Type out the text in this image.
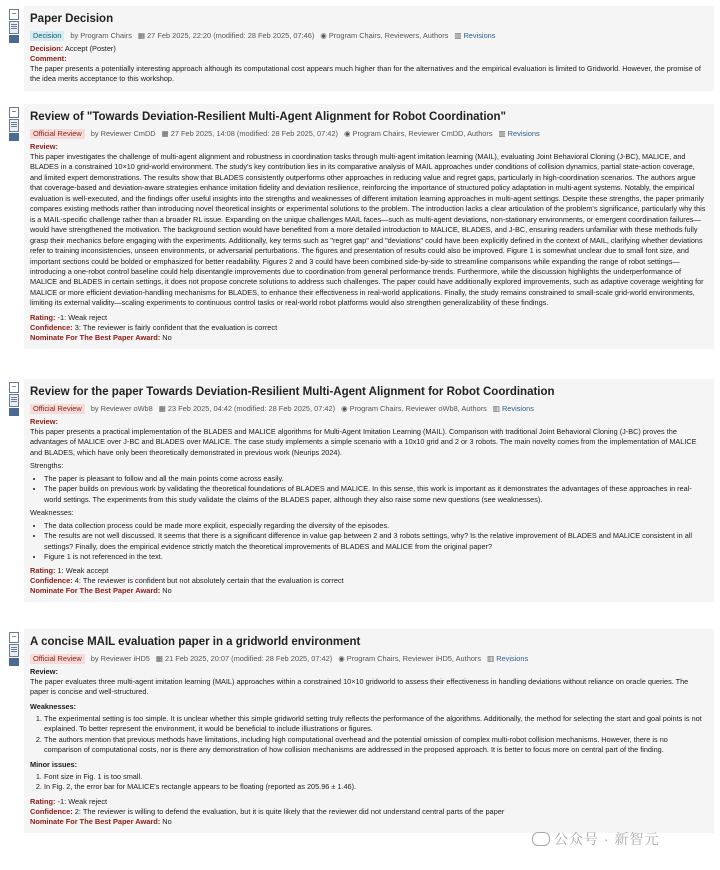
− Paper Decision
Decision	by Program Chairs ▦ 27 Feb 2025, 22:20 (modified: 28 Feb 2025, 07:46) ◉ Program Chairs, Reviewers, Authors ▥ Revisions
Decision: Accept (Poster)
Comment:

The paper presents a potentially interesting approach although its computational cost appears much higher than for the alternatives and the empirical evaluation is limited to Gridworld. However, the promise of the idea merits acceptance to this workshop.

− Review of "Towards Deviation-Resilient Multi-Agent Alignment for Robot Coordination"
Official Review	by Reviewer CmDD ▦ 27 Feb 2025, 14:08 (modified: 28 Feb 2025, 07:42) ◉ Program Chairs, Reviewer CmDD, Authors ▥ Revisions
Review:

This paper investigates the challenge of multi-agent alignment and robustness in coordination tasks through multi-agent imitation learning (MAIL), evaluating Joint Behavioral Cloning (J-BC), MALICE, and BLADES in a constrained 10×10 grid-world environment. The study's key contribution lies in its comparative analysis of MAIL approaches under conditions of collision dynamics, partial state-action coverage, and limited expert demonstrations. The results show that BLADES consistently outperforms other approaches in reducing value and regret gaps, particularly in high-coordination scenarios. The authors argue that coverage-based and deviation-aware strategies enhance imitation fidelity and deviation resilience, reinforcing the importance of structured policy adaptation in multi-agent systems. Notably, the empirical evaluation is well-executed, and the findings offer useful insights into the strengths and weaknesses of different imitation learning approaches in multi-agent settings. Despite these strengths, the paper primarily compares existing methods rather than introducing novel theoretical insights or experimental solutions to the problem. The introduction lacks a clear articulation of the problem's significance, particularly why this is a MAIL-specific challenge rather than a broader RL issue. Expanding on the unique challenges MAIL faces—such as multi-agent deviations, non-stationary environments, or emergent coordination failures—would have strengthened the motivation. The background section would have benefited from a more detailed introduction to MALICE, BLADES, and J-BC, ensuring readers unfamiliar with these methods fully grasp their mechanics before engaging with the experiments. Additionally, key terms such as "regret gap" and "deviations" could have been explicitly defined in the context of MAIL, clarifying whether deviations refer to training inconsistencies, unseen environments, or adversarial perturbations. The figures and presentation of results could also be improved. Figure 1 is somewhat unclear due to small font size, and important sections could be bolded or emphasized for better readability. Figures 2 and 3 could have been combined side-by-side to streamline comparisons while expanding the range of robot settings—introducing a one-robot control baseline could help disentangle improvements due to coordination from general performance trends. Furthermore, while the discussion highlights the underperformance of MALICE and BLADES in certain settings, it does not propose concrete solutions to address such challenges. The paper could have additionally explored improvements, such as adaptive coverage weighting for MALICE or more efficient deviation-handling mechanisms for BLADES, to enhance their effectiveness in real-world applications. Finally, the study remains constrained to small-scale grid-world environments, limiting its external validity—scaling experiments to continuous control tasks or real-world robot platforms would also strengthen generalizability of these findings.

Rating: -1: Weak reject
Confidence: 3: The reviewer is fairly confident that the evaluation is correct
Nominate For The Best Paper Award: No
− Review for the paper Towards Deviation-Resilient Multi-Agent Alignment for Robot Coordination
Official Review	by Reviewer oWb8 ▦ 23 Feb 2025, 04:42 (modified: 28 Feb 2025, 07:42) ◉ Program Chairs, Reviewer oWb8, Authors ▥ Revisions
Review:

This paper presents a practical implementation of the BLADES and MALICE algorithms for Multi-Agent Imitation Learning (MAIL). Comparison with traditional Joint Behavioral Cloning (J-BC) proves the advantages of MALICE over J-BC and BLADES over MALICE. The case study implements a simple scenario with a 10x10 grid and 2 or 3 robots. The main novelty comes from the implementation of MALICE and BLADES, which have only been theoretically demonstrated in previous work (Neurips 2024).

Strengths:
• The paper is pleasant to follow and all the main points come across easily.
• The paper builds on previous work by validating the theoretical foundations of BLADES and MALICE. In this sense, this work is important as it demonstrates the advantages of these approaches in real-world settings. The experiments from this study validate the claims of the BLADES paper, although they also raise some new questions (see weaknesses).
Weaknesses:
• The data collection process could be made more explicit, especially regarding the diversity of the episodes.
• The results are not well discussed. It seems that there is a significant difference in value gap between 2 and 3 robots settings, why? Is the relative improvement of BLADES and MALICE consistent in all settings? Finally, does the empirical evidence strictly match the theoretical improvements of BLADES and MALICE from the original paper?
• Figure 1 is not referenced in the text.
Rating: 1: Weak accept
Confidence: 4: The reviewer is confident but not absolutely certain that the evaluation is correct
Nominate For The Best Paper Award: No
− A concise MAIL evaluation paper in a gridworld environment
Official Review	by Reviewer iHD5 ▦ 21 Feb 2025, 20:07 (modified: 28 Feb 2025, 07:42) ◉ Program Chairs, Reviewer iHD5, Authors ▥ Revisions
Review:

The paper evaluates three multi-agent imitation learning (MAIL) approaches within a constrained 10×10 gridworld to assess their effectiveness in handling deviations without reliance on oracle queries. The paper is concise and well-structured.

Weaknesses:
1. The experimental setting is too simple. It is unclear whether this simple gridworld setting truly reflects the performance of the algorithms. Additionally, the method for selecting the start and goal points is not explained. To better represent the environment, it would be beneficial to include illustrations or figures.
2. The authors mention that previous methods have limitations, including high computational overhead and the potential omission of complex multi-robot collision mechanisms. However, there is no comparison of computational costs, nor is there any demonstration of how collision mechanisms are addressed in the proposed approach. It is better to focus more on central part of the finding.
Minor issues:
1. Font size in Fig. 1 is too small.
2. In Fig. 2, the error bar for MALICE's rectangle appears to be floating (reported as 205.96 ± 1.46).
Rating: -1: Weak reject
Confidence: 2: The reviewer is willing to defend the evaluation, but it is quite likely that the reviewer did not understand central parts of the paper
Nominate For The Best Paper Award: No
公众号 · 新智元
